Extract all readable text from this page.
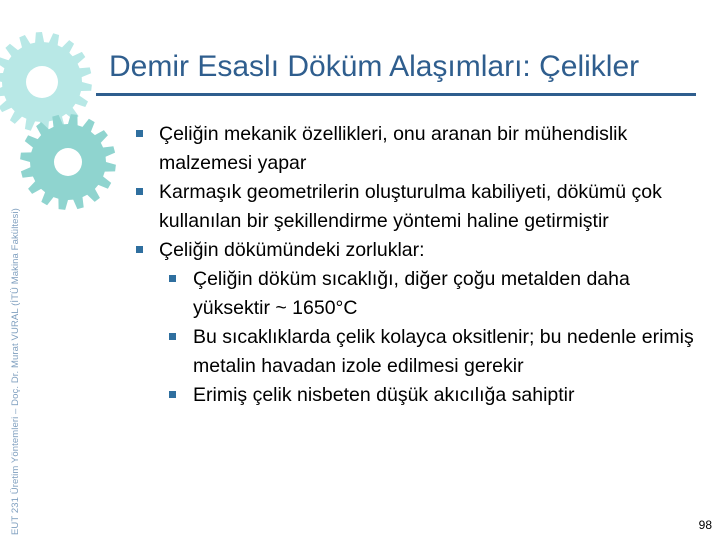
EUT 231 Üretim Yöntemleri – Doç. Dr. Murat VURAL (İTÜ Makina Fakültesi)
Demir Esaslı Döküm Alaşımları: Çelikler

Çeliğin mekanik özellikleri, onu aranan bir mühendislik malzemesi yapar

Karmaşık geometrilerin oluşturulma kabiliyeti, dökümü çok kullanılan bir şekillendirme yöntemi haline getirmiştir

Çeliğin dökümündeki zorluklar:

Çeliğin döküm sıcaklığı, diğer çoğu metalden daha yüksektir ~ 1650°C

Bu sıcaklıklarda çelik kolayca oksitlenir; bu nedenle erimiş metalin havadan izole edilmesi gerekir

Erimiş çelik nisbeten düşük akıcılığa sahiptir

98
